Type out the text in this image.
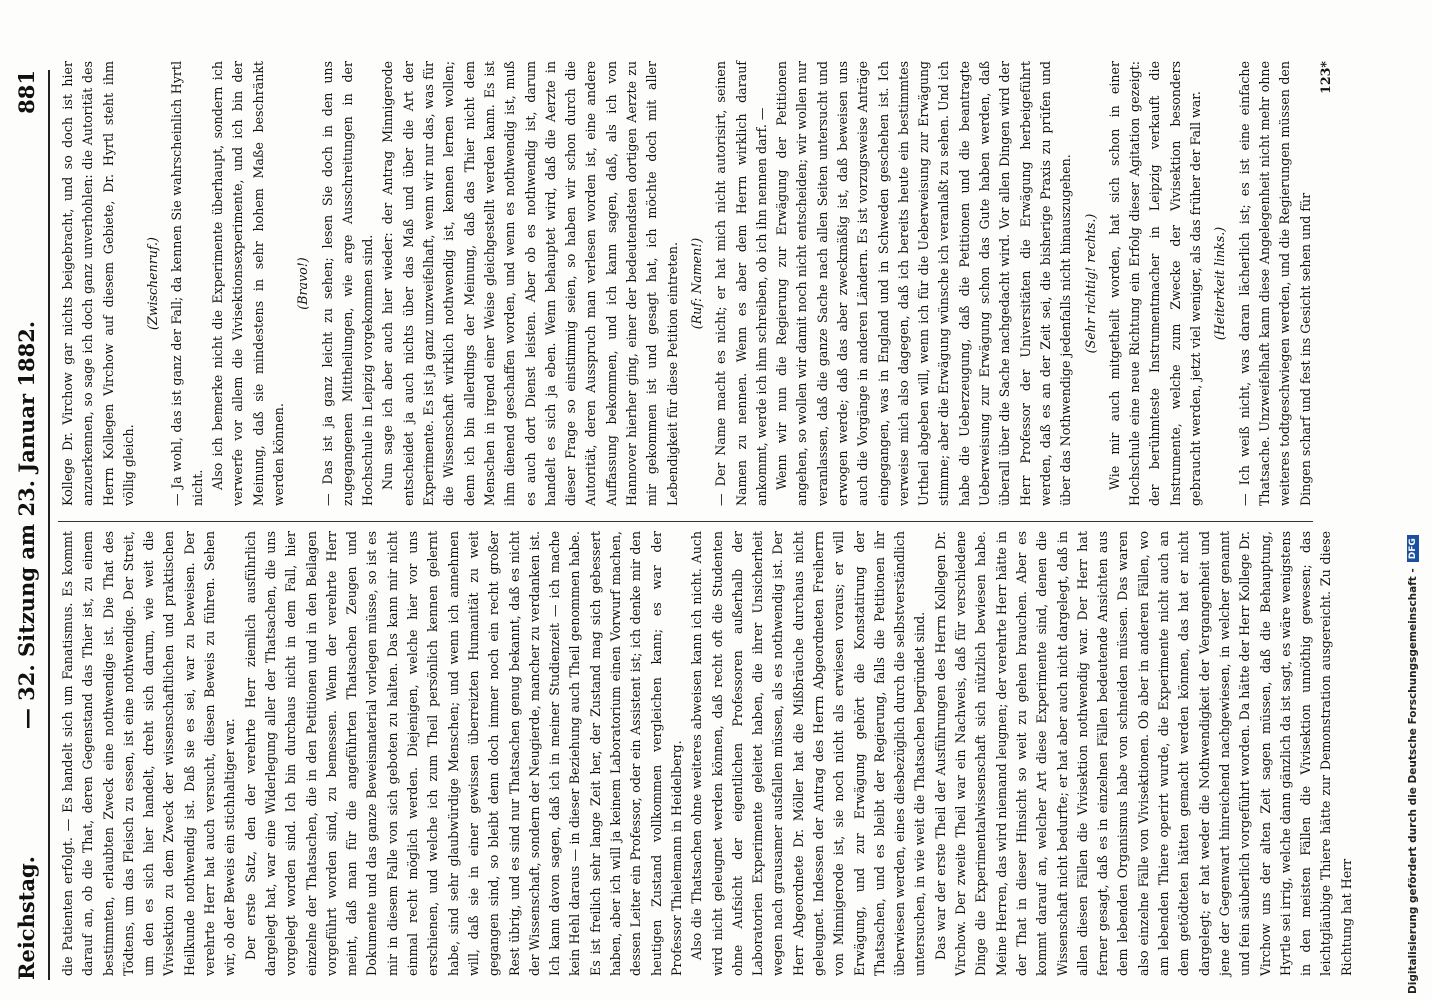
Reichstag.
— 32. Sitzung am 23. Januar 1882.
881

die Patienten erfolgt. — Es handelt sich um Fanatismus. Es kommt darauf an, ob die That, deren Gegenstand das Thier ist, zu einem bestimmten, erlaubten Zweck eine nothwendige ist. Die That des Tödtens, um das Fleisch zu essen, ist eine nothwendige. Der Streit, um den es sich hier handelt, dreht sich darum, wie weit die Vivisektion zu dem Zweck der wissenschaftlichen und praktischen Heilkunde nothwendig ist. Daß sie es sei, war zu beweisen. Der verehrte Herr hat auch versucht, diesen Beweis zu führen. Sehen wir, ob der Beweis ein stichhaltiger war. Der erste Satz, den der verehrte Herr ziemlich ausführlich dargelegt hat, war eine Widerlegung aller der Thatsachen, die uns vorgelegt worden sind. Ich bin durchaus nicht in dem Fall, hier einzelne der Thatsachen, die in den Petitionen und in den Beilagen vorgeführt worden sind, zu bemessen. Wenn der verehrte Herr meint, daß man für die angeführten Thatsachen Zeugen und Dokumente und das ganze Beweismaterial vorlegen müsse, so ist es mir in diesem Falle von sich geboten zu halten. Das kann mir nicht einmal recht möglich werden. Diejenigen, welche hier vor uns erschienen, und welche ich zum Theil persönlich kennen gelernt habe, sind sehr glaubwürdige Menschen; und wenn ich annehmen will, daß sie in einer gewissen überreizten Humanität zu weit gegangen sind, so bleibt denn doch immer noch ein recht großer Rest übrig, und es sind nur Thatsachen genug bekannt, daß es nicht der Wissenschaft, sondern der Neugierde, mancher zu verdanken ist. Ich kann davon sagen, daß ich in meiner Studienzeit — ich mache kein Hehl daraus — in dieser Beziehung auch Theil genommen habe. Es ist freilich sehr lange Zeit her, der Zustand mag sich gebessert haben, aber ich will ja keinem Laboratorium einen Vorwurf machen, dessen Leiter ein Professor, oder ein Assistent ist; ich denke mir den heutigen Zustand vollkommen vergleichen kann; es war der Professor Thielemann in Heidelberg. Also die Thatsachen ohne weiteres abweisen kann ich nicht. Auch wird nicht geleugnet werden können, daß recht oft die Studenten ohne Aufsicht der eigentlichen Professoren außerhalb der Laboratorien Experimente geleitet haben, die ihrer Unsicherheit wegen nach grausamer ausfallen müssen, als es nothwendig ist. Der Herr Abgeordnete Dr. Möller hat die Mißbräuche durchaus nicht geleugnet. Indessen der Antrag des Herrn Abgeordneten Freiherrn von Minnigerode ist, sie noch nicht als erwiesen voraus; er will Erwägung, und zur Erwägung gehört die Konstatirung der Thatsachen, und es bleibt der Regierung, falls die Petitionen ihr überwiesen werden, eines diesbezüglich durch die selbstverständlich untersuchen, in wie weit die Thatsachen begründet sind. Das war der erste Theil der Ausführungen des Herrn Kollegen Dr. Virchow. Der zweite Theil war ein Nachweis, daß für verschiedene Dinge die Experimentalwissenschaft sich nützlich bewiesen habe. Meine Herren, das wird niemand leugnen; der verehrte Herr hätte in der That in dieser Hinsicht so weit zu gehen brauchen. Aber es kommt darauf an, welcher Art diese Experimente sind, denen die Wissenschaft nicht bedurfte; er hat aber auch nicht dargelegt, daß in allen diesen Fällen die Vivisektion nothwendig war. Der Herr hat ferner gesagt, daß es in einzelnen Fällen bedeutende Ansichten aus dem lebenden Organismus habe von schneiden müssen. Das waren also einzelne Fälle von Vivisektionen. Ob aber in anderen Fällen, wo am lebenden Thiere operirt wurde, die Experimente nicht auch an dem getödteten hätten gemacht werden können, das hat er nicht dargelegt; er hat weder die Nothwendigkeit der Vergangenheit und jene der Gegenwart hinreichend nachgewiesen, in welcher genannt und fein säuberlich vorgeführt worden. Da hätte der Herr Kollege Dr. Virchow uns der alten Zeit sagen müssen, daß die Behauptung, Hyrtle sei irrig, welche dann gänzlich da ist sagt, es wäre wenigstens in den meisten Fällen die Vivisektion unnöthig gewesen; das leichtgläubige Thiere hätte zur Demonstration ausgereicht. Zu diese Richtung hat Herr

Kollege Dr. Virchow gar nichts beigebracht, und so doch ist hier anzuerkennen, so sage ich doch ganz unverhohlen: die Autorität des Herrn Kollegen Virchow auf diesem Gebiete, Dr. Hyrtl steht ihm völlig gleich.

(Zwischenruf.) — Ja wohl, das ist ganz der Fall; da kennen Sie wahrscheinlich Hyrtl nicht. Also ich bemerke nicht die Experimente überhaupt, sondern ich verwerfe vor allem die Vivisektionsexperimente, und ich bin der Meinung, daß sie mindestens in sehr hohem Maße beschränkt werden können.

(Bravo!) — Das ist ja ganz leicht zu sehen; lesen Sie doch in den uns zugegangenen Mittheilungen, wie arge Ausschreitungen in der Hochschule in Leipzig vorgekommen sind. Nun sage ich aber auch hier wieder: der Antrag Minnigerode entscheidet ja auch nichts über das Maß und über die Art der Experimente. Es ist ja ganz unzweifelhaft, wenn wir nur das, was für die Wissenschaft wirklich nothwendig ist, kennen lernen wollen; denn ich bin allerdings der Meinung, daß das Thier nicht dem Menschen in irgend einer Weise gleichgestellt werden kann. Es ist ihm dienend geschaffen worden, und wenn es nothwendig ist, muß es auch dort Dienst leisten. Aber ob es nothwendig ist, darum handelt es sich ja eben. Wenn behauptet wird, daß die Aerzte in dieser Frage so einstimmig seien, so haben wir schon durch die Autorität, deren Ausspruch man verlesen worden ist, eine andere Auffassung bekommen, und ich kann sagen, daß, als ich von Hannover hierher ging, einer der bedeutendsten dortigen Aerzte zu mir gekommen ist und gesagt hat, ich möchte doch mit aller Lebendigkeit für diese Petition eintreten. (Ruf: Namen!) — Der Name macht es nicht; er hat mich nicht autorisirt, seinen Namen zu nennen. Wenn es aber dem Herrn wirklich darauf ankommt, werde ich ihm schreiben, ob ich ihn nennen darf. — Wenn wir nun die Regierung zur Erwägung der Petitionen angehen, so wollen wir damit noch nicht entscheiden; wir wollen nur veranlassen, daß die ganze Sache nach allen Seiten untersucht und erwogen werde; daß das aber zweckmäßig ist, daß beweisen uns auch die Vorgänge in anderen Ländern. Es ist vorzugsweise Anträge eingegangen, was in England und in Schweden geschehen ist. Ich verweise mich also dagegen, daß ich bereits heute ein bestimmtes Urtheil abgeben will, wenn ich für die Ueberweisung zur Erwägung stimme; aber die Erwägung wünsche ich veranlaßt zu sehen. Und ich habe die Ueberzeugung, daß die Petitionen und die beantragte Ueberweisung zur Erwägung schon das Gute haben werden, daß überall über die Sache nachgedacht wird. Vor allen Dingen wird der Herr Professor der Universitäten die Erwägung herbeigeführt werden, daß es an der Zeit sei, die bisherige Praxis zu prüfen und über das Nothwendige jedenfalls nicht hinauszugehen. (Sehr richtig! rechts.) Wie mir auch mitgetheilt worden, hat sich schon in einer Hochschule eine neue Richtung ein Erfolg dieser Agitation gezeigt: der berühmteste Instrumentmacher in Leipzig verkauft die Instrumente, welche zum Zwecke der Vivisektion besonders gebraucht werden, jetzt viel weniger, als das früher der Fall war. (Heiterkeit links.) — Ich weiß nicht, was daran lächerlich ist; es ist eine einfache Thatsache. Unzweifelhaft kann diese Angelegenheit nicht mehr ohne weiteres todtgeschwiegen werden, und die Regierungen müssen den Dingen scharf und fest ins Gesicht sehen und für

123*

Digitalisierung gefördert durch die Deutsche Forschungsgemeinschaft -
DFG
